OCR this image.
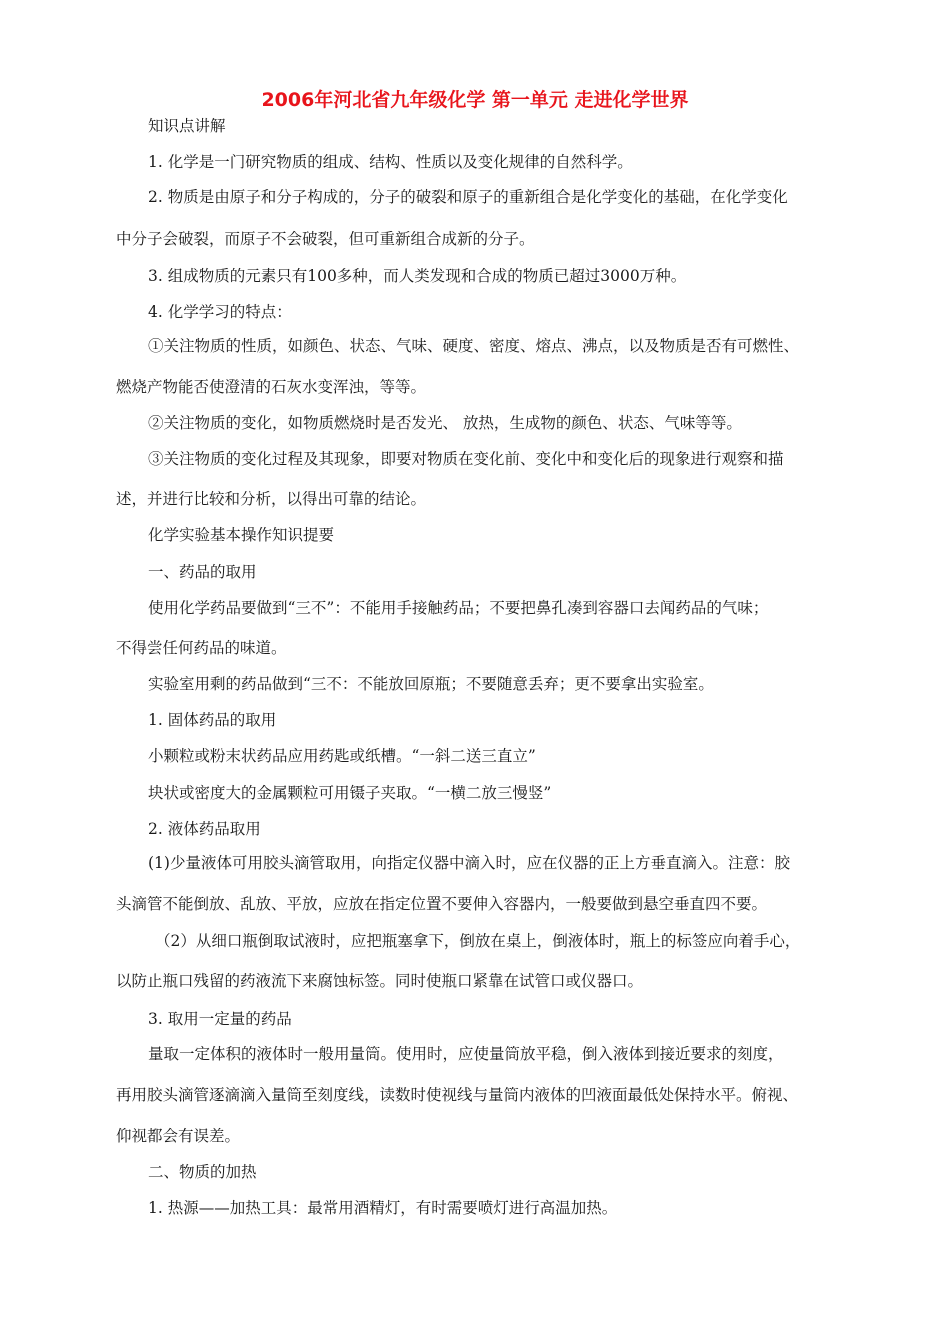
2006年河北省九年级化学 第一单元 走进化学世界
知识点讲解
1. 化学是一门研究物质的组成、结构、性质以及变化规律的自然科学。
2. 物质是由原子和分子构成的，分子的破裂和原子的重新组合是化学变化的基础，在化学变化
中分子会破裂，而原子不会破裂，但可重新组合成新的分子。
3. 组成物质的元素只有100多种，而人类发现和合成的物质已超过3000万种。
4. 化学学习的特点：
①关注物质的性质，如颜色、状态、气味、硬度、密度、熔点、沸点，以及物质是否有可燃性、
燃烧产物能否使澄清的石灰水变浑浊，等等。
②关注物质的变化，如物质燃烧时是否发光、 放热，生成物的颜色、状态、气味等等。
③关注物质的变化过程及其现象，即要对物质在变化前、变化中和变化后的现象进行观察和描
述，并进行比较和分析，以得出可靠的结论。
化学实验基本操作知识提要
一、药品的取用
使用化学药品要做到“三不”：不能用手接触药品；不要把鼻孔凑到容器口去闻药品的气味；
不得尝任何药品的味道。
实验室用剩的药品做到“三不：不能放回原瓶；不要随意丢弃；更不要拿出实验室。
1. 固体药品的取用
小颗粒或粉末状药品应用药匙或纸槽。“一斜二送三直立”
块状或密度大的金属颗粒可用镊子夹取。“一横二放三慢竖”
2. 液体药品取用
(1)少量液体可用胶头滴管取用，向指定仪器中滴入时，应在仪器的正上方垂直滴入。注意：胶
头滴管不能倒放、乱放、平放，应放在指定位置不要伸入容器内，一般要做到悬空垂直四不要。
（2）从细口瓶倒取试液时，应把瓶塞拿下，倒放在桌上，倒液体时，瓶上的标签应向着手心，
以防止瓶口残留的药液流下来腐蚀标签。同时使瓶口紧靠在试管口或仪器口。
3. 取用一定量的药品
量取一定体积的液体时一般用量筒。使用时，应使量筒放平稳，倒入液体到接近要求的刻度，
再用胶头滴管逐滴滴入量筒至刻度线，读数时使视线与量筒内液体的凹液面最低处保持水平。俯视、
仰视都会有误差。
二、物质的加热
1. 热源——加热工具：最常用酒精灯，有时需要喷灯进行高温加热。
